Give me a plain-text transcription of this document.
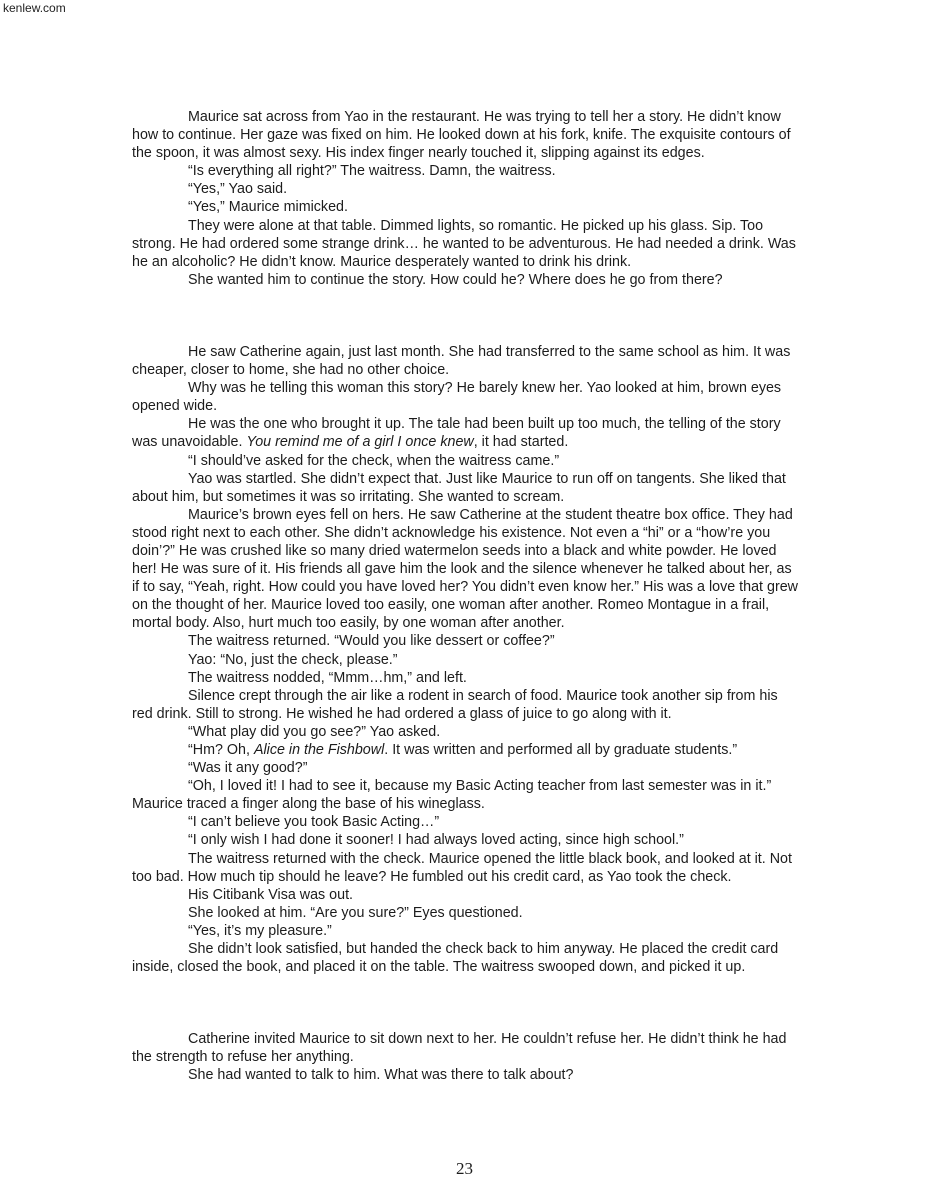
kenlew.com

Maurice sat across from Yao in the restaurant. He was trying to tell her a story. He didn’t know how to continue. Her gaze was fixed on him. He looked down at his fork, knife. The exquisite contours of the spoon, it was almost sexy. His index finger nearly touched it, slipping against its edges.

“Is everything all right?” The waitress. Damn, the waitress.

“Yes,” Yao said.

“Yes,” Maurice mimicked.

They were alone at that table. Dimmed lights, so romantic. He picked up his glass. Sip. Too strong. He had ordered some strange drink… he wanted to be adventurous. He had needed a drink. Was he an alcoholic? He didn’t know. Maurice desperately wanted to drink his drink.

She wanted him to continue the story. How could he? Where does he go from there?

He saw Catherine again, just last month. She had transferred to the same school as him. It was cheaper, closer to home, she had no other choice.

Why was he telling this woman this story? He barely knew her. Yao looked at him, brown eyes opened wide.

He was the one who brought it up. The tale had been built up too much, the telling of the story was unavoidable. You remind me of a girl I once knew, it had started.

“I should’ve asked for the check, when the waitress came.”

Yao was startled. She didn’t expect that. Just like Maurice to run off on tangents. She liked that about him, but sometimes it was so irritating. She wanted to scream.

Maurice’s brown eyes fell on hers. He saw Catherine at the student theatre box office. They had stood right next to each other. She didn’t acknowledge his existence. Not even a “hi” or a “how’re you doin’?” He was crushed like so many dried watermelon seeds into a black and white powder. He loved her! He was sure of it. His friends all gave him the look and the silence whenever he talked about her, as if to say, “Yeah, right. How could you have loved her? You didn’t even know her.” His was a love that grew on the thought of her. Maurice loved too easily, one woman after another. Romeo Montague in a frail, mortal body. Also, hurt much too easily, by one woman after another.

The waitress returned. “Would you like dessert or coffee?”

Yao: “No, just the check, please.”

The waitress nodded, “Mmm…hm,” and left.

Silence crept through the air like a rodent in search of food. Maurice took another sip from his red drink. Still to strong. He wished he had ordered a glass of juice to go along with it.

“What play did you go see?” Yao asked.

“Hm? Oh, Alice in the Fishbowl. It was written and performed all by graduate students.”

“Was it any good?”

“Oh, I loved it! I had to see it, because my Basic Acting teacher from last semester was in it.” Maurice traced a finger along the base of his wineglass.

“I can’t believe you took Basic Acting…”

“I only wish I had done it sooner! I had always loved acting, since high school.”

The waitress returned with the check. Maurice opened the little black book, and looked at it. Not too bad. How much tip should he leave? He fumbled out his credit card, as Yao took the check.

His Citibank Visa was out.

She looked at him. “Are you sure?” Eyes questioned.

“Yes, it’s my pleasure.”

She didn’t look satisfied, but handed the check back to him anyway. He placed the credit card inside, closed the book, and placed it on the table. The waitress swooped down, and picked it up.

Catherine invited Maurice to sit down next to her. He couldn’t refuse her. He didn’t think he had the strength to refuse her anything.

She had wanted to talk to him. What was there to talk about?

23
